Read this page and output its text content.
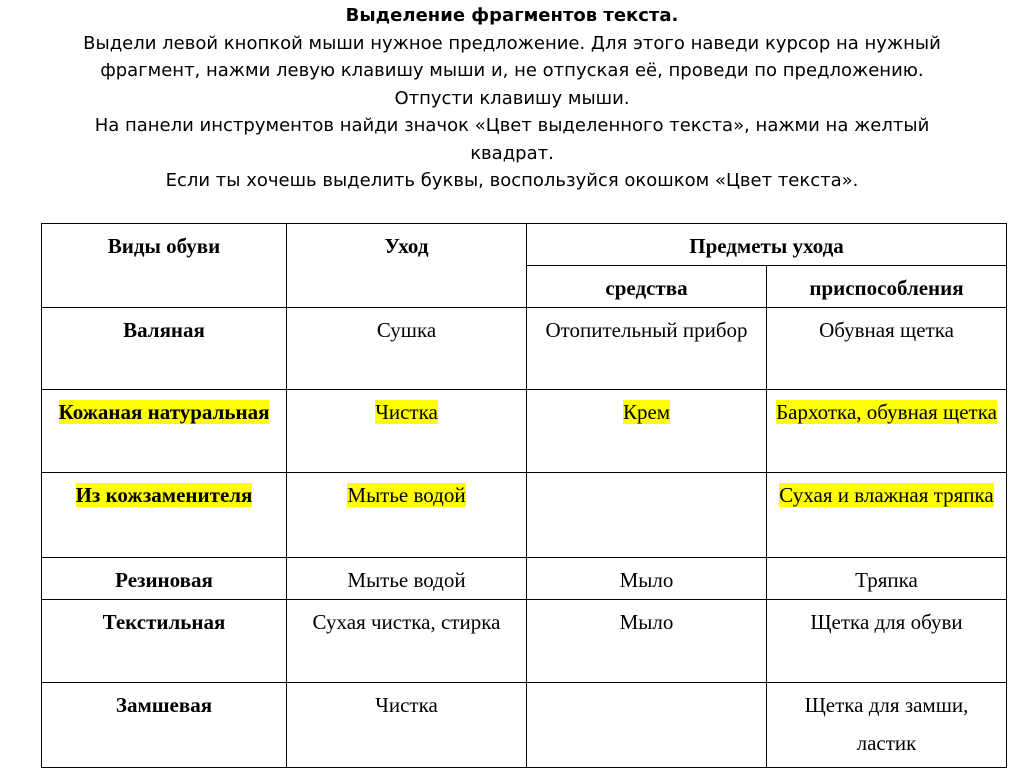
Выделение фрагментов текста.
Выдели левой кнопкой мыши нужное предложение. Для этого наведи курсор на нужный
фрагмент, нажми левую клавишу мыши и, не отпуская её, проведи по предложению.
Отпусти клавишу мыши.
На панели инструментов найди значок «Цвет выделенного текста», нажми на желтый
квадрат.
Если ты хочешь выделить буквы, воспользуйся окошком «Цвет текста».
Виды обуви	Уход	Предметы ухода	
		средства	приспособления
Валяная	Сушка	Отопительный прибор	Обувная щетка
Кожаная натуральная	Чистка	Крем	Бархотка, обувная щетка
Из кожзаменителя	Мытье водой		Сухая и влажная тряпка
Резиновая	Мытье водой	Мыло	Тряпка
Текстильная	Сухая чистка, стирка	Мыло	Щетка для обуви
Замшевая	Чистка		Щетка для замши, ластик
